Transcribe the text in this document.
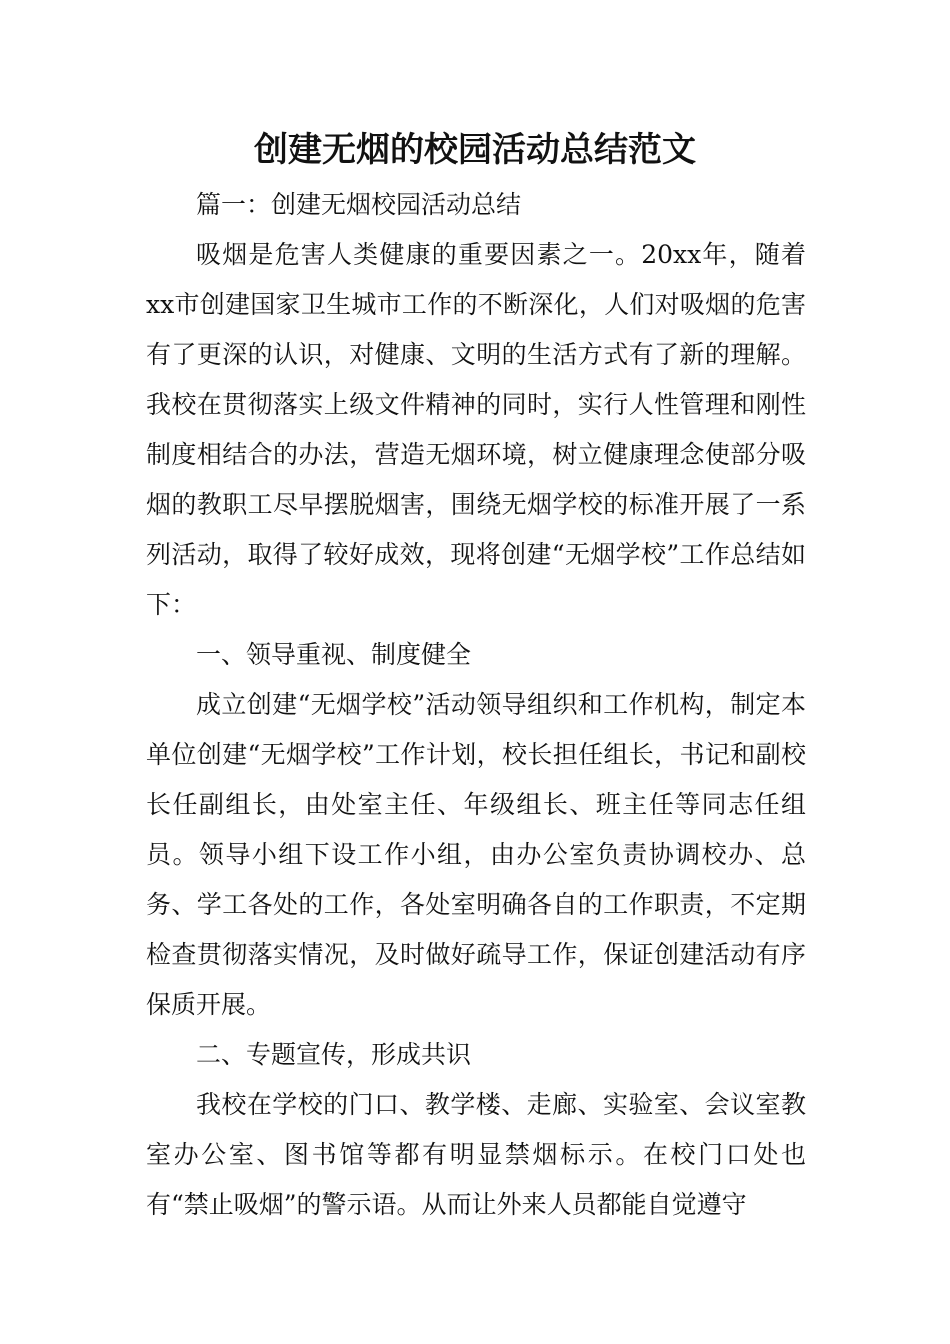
创建无烟的校园活动总结范文

篇一：创建无烟校园活动总结

吸烟是危害人类健康的重要因素之一。20xx年，随着xx市创建国家卫生城市工作的不断深化，人们对吸烟的危害有了更深的认识，对健康、文明的生活方式有了新的理解。我校在贯彻落实上级文件精神的同时，实行人性管理和刚性制度相结合的办法，营造无烟环境，树立健康理念使部分吸烟的教职工尽早摆脱烟害，围绕无烟学校的标准开展了一系列活动，取得了较好成效，现将创建“无烟学校”工作总结如下：

一、领导重视、制度健全

成立创建“无烟学校”活动领导组织和工作机构，制定本单位创建“无烟学校”工作计划，校长担任组长，书记和副校长任副组长，由处室主任、年级组长、班主任等同志任组员。领导小组下设工作小组，由办公室负责协调校办、总务、学工各处的工作，各处室明确各自的工作职责，不定期检查贯彻落实情况，及时做好疏导工作，保证创建活动有序保质开展。

二、专题宣传，形成共识

我校在学校的门口、教学楼、走廊、实验室、会议室教室办公室、图书馆等都有明显禁烟标示。在校门口处也有“禁止吸烟”的警示语。从而让外来人员都能自觉遵守
